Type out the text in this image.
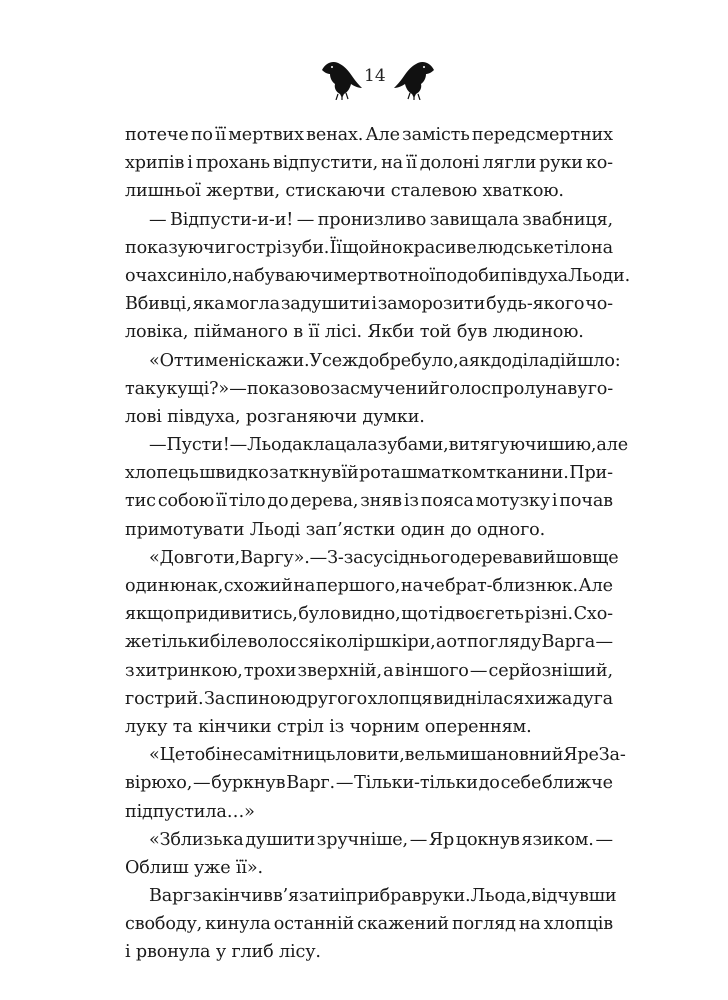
14
потече по її мертвих венах. Але замість передсмертних
хрипів і прохань відпустити, на її долоні лягли руки ко-
лишньої жертви, стискаючи сталевою хваткою.
— Відпусти-и-и! — пронизливо завищала звабниця,
показуючи гострі зуби. Її щойно красиве людське тіло на
очах синіло, набуваючи мертвотної подоби півдуха Льоди.
Вбивці, яка могла задушити і заморозити будь-якого чо-
ловіка, пійманого в її лісі. Якби той був людиною.
«От ти мені скажи. Усе ж добре було, а як до діла дійшло:
так у кущі?» — показово засмучений голос пролунав у го-
лові півдуха, розганяючи думки.
— Пусти! — Льода клацала зубами, витягуючи шию, але
хлопець швидко заткнув їй рота шматком тканини. При-
тис собою її тіло до дерева, зняв із пояса мотузку і почав
примотувати Льоді зап’ястки один до одного.
«Довго ти, Варгу». — З-за сусіднього дерева вийшов ще
один юнак, схожий на першого, наче брат-близнюк. Але
якщо придивитись, було видно, що ті двоє геть різні. Схо-
же тільки біле волосся і колір шкіри, а от погляд у Варга —
з хитринкою, трохи зверхній, а в іншого — серйозніший,
гострий. За спиною другого хлопця виднілася хижа дуга
луку та кінчики стріл із чорним оперенням.
«Це тобі не самітниць ловити, вельмишановний Яре За-
вірюхо, — буркнув Варг. — Тільки-тільки до себе ближче
підпустила…»
«Зблизька душити зручніше, — Яр цокнув язиком. —
Облиш уже її».
Варг закінчив в’язати і прибрав руки. Льода, відчувши
свободу, кинула останній скажений погляд на хлопців
і рвонула у глиб лісу.
